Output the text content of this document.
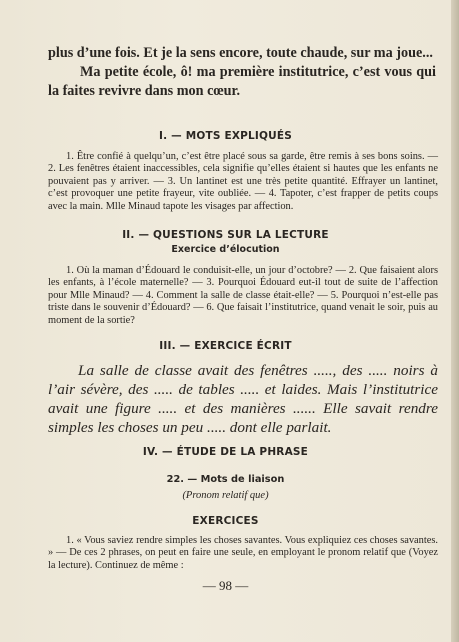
plus d’une fois. Et je la sens encore, toute chaude, sur ma joue...
Ma petite école, ô! ma première institutrice, c’est vous qui la faites revivre dans mon cœur.
I. — MOTS EXPLIQUÉS

1. Être confié à quelqu’un, c’est être placé sous sa garde, être remis à ses bons soins. — 2. Les fenêtres étaient inaccessibles, cela signifie qu’elles étaient si hautes que les enfants ne pouvaient pas y arriver. — 3. Un lantinet est une très petite quantité. Effrayer un lantinet, c’est provoquer une petite frayeur, vite oubliée. — 4. Tapoter, c’est frapper de petits coups avec la main. Mlle Minaud tapote les visages par affection.

II. — QUESTIONS SUR LA LECTURE
Exercice d’élocution

1. Où la maman d’Édouard le conduisit-elle, un jour d’octobre? — 2. Que faisaient alors les enfants, à l’école maternelle? — 3. Pourquoi Édouard eut-il tout de suite de l’affection pour Mlle Minaud? — 4. Comment la salle de classe était-elle? — 5. Pourquoi n’est-elle pas triste dans le souvenir d’Édouard? — 6. Que faisait l’institutrice, quand venait le soir, puis au moment de la sortie?

III. — EXERCICE ÉCRIT

La salle de classe avait des fenêtres ....., des ..... noirs à l’air sévère, des ..... de tables ..... et laides. Mais l’institutrice avait une figure ..... et des manières ...... Elle savait rendre simples les choses un peu ..... dont elle parlait.

IV. — ÉTUDE DE LA PHRASE
22. — Mots de liaison
(Pronom relatif que)
EXERCICES

1. « Vous saviez rendre simples les choses savantes. Vous expliquiez ces choses savantes. » — De ces 2 phrases, on peut en faire une seule, en employant le pronom relatif que (Voyez la lecture). Continuez de même :

— 98 —
